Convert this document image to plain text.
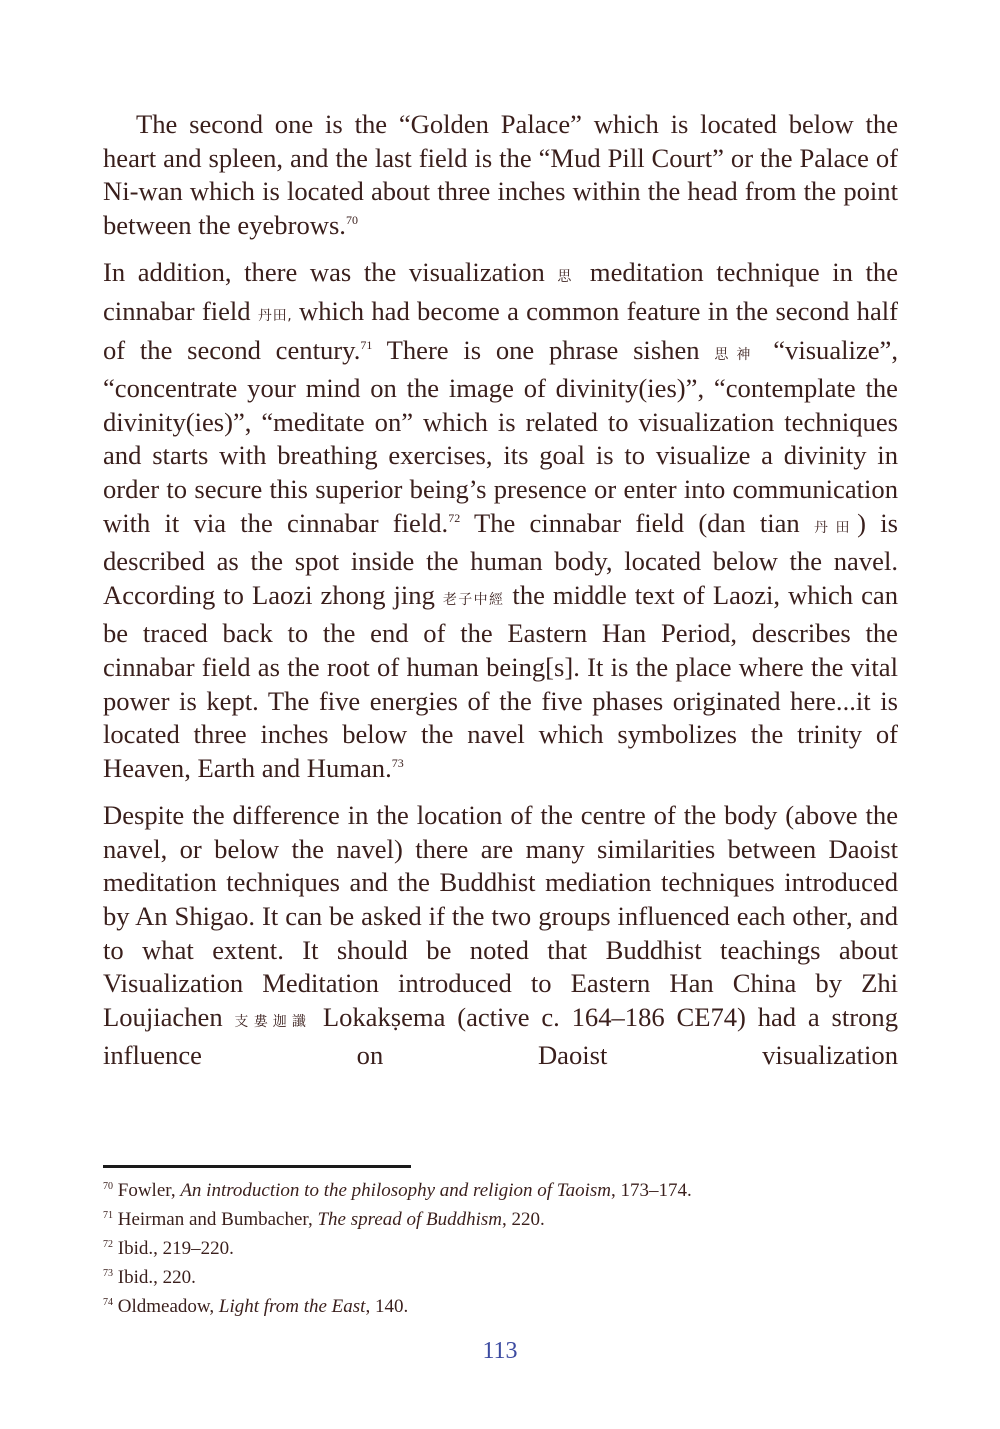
The second one is the “Golden Palace” which is located below the heart and spleen, and the last field is the “Mud Pill Court” or the Palace of Ni-wan which is located about three inches within the head from the point between the eyebrows.$^{70}$

In addition, there was the visualization 思 meditation technique in the cinnabar field 丹田, which had become a common feature in the second half of the second century.$^{71}$ There is one phrase sishen 思神 “visualize”, “concentrate your mind on the image of divinity(ies)”, “contemplate the divinity(ies)”, “meditate on” which is related to visualization techniques and starts with breathing exercises, its goal is to visualize a divinity in order to secure this superior being’s presence or enter into communication with it via the cinnabar field.$^{72}$ The cinnabar field (dan tian 丹田) is described as the spot inside the human body, located below the navel. According to Laozi zhong jing 老子中經 the middle text of Laozi, which can be traced back to the end of the Eastern Han Period, describes the cinnabar field as the root of human being[s]. It is the place where the vital power is kept. The five energies of the five phases originated here...it is located three inches below the navel which symbolizes the trinity of Heaven, Earth and Human.$^{73}$

Despite the difference in the location of the centre of the body (above the navel, or below the navel) there are many similarities between Daoist meditation techniques and the Buddhist mediation techniques introduced by An Shigao. It can be asked if the two groups influenced each other, and to what extent. It should be noted that Buddhist teachings about Visualization Meditation introduced to Eastern Han China by Zhi Loujiachen 支婁迦讖 Lokakṣema (active c. 164–186 CE74) had a strong influence on Daoist visualization

$^{70}$ Fowler, An introduction to the philosophy and religion of Taoism, 173–174.
$^{71}$ Heirman and Bumbacher, The spread of Buddhism, 220.
$^{72}$ Ibid., 219–220.
$^{73}$ Ibid., 220.
$^{74}$ Oldmeadow, Light from the East, 140.
113
